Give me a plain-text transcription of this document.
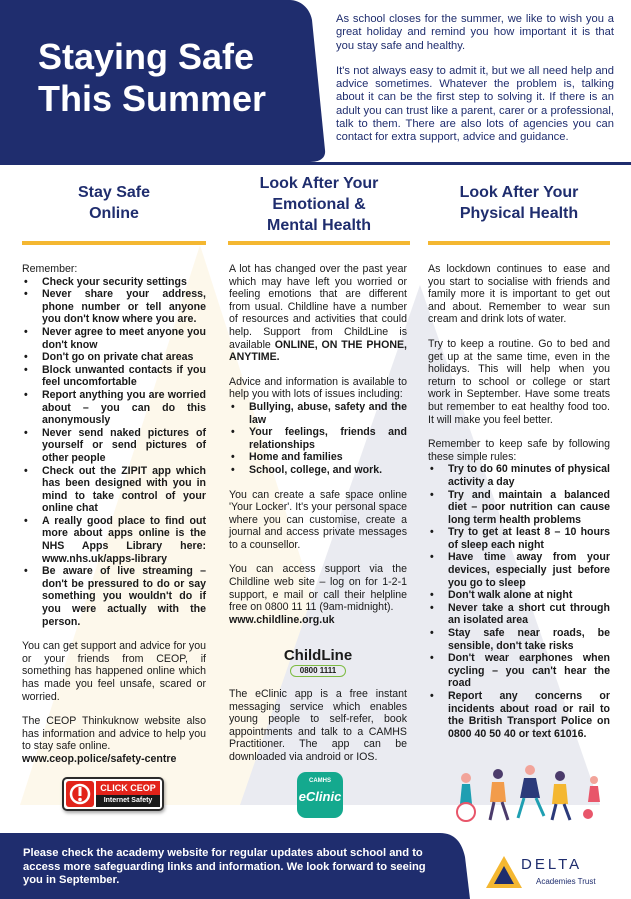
Staying Safe
This Summer

As school closes for the summer, we like to wish you a great holiday and remind you how important it is that you stay safe and healthy.

It's not always easy to admit it, but we all need help and advice sometimes. Whatever the problem is, talking about it can be the first step to solving it. If there is an adult you can trust like a parent, carer or a professional, talk to them. There are also lots of agencies you can contact for extra support, advice and guidance.

Stay Safe Online
Remember:
• Check your security settings
• Never share your address, phone number or tell anyone you don't know where you are.
• Never agree to meet anyone you don't know
• Don't go on private chat areas
• Block unwanted contacts if you feel uncomfortable
• Report anything you are worried about – you can do this anonymously
• Never send naked pictures of yourself or send pictures of other people
• Check out the ZIPIT app which has been designed with you in mind to take control of your online chat
• A really good place to find out more about apps online is the NHS Apps Library here: www.nhs.uk/apps-library
• Be aware of live streaming – don't be pressured to do or say something you wouldn't do if you were actually with the person.

You can get support and advice for you or your friends from CEOP, if something has happened online which has made you feel unsafe, scared or worried.

The CEOP Thinkuknow website also has information and advice to help you to stay safe online.

www.ceop.police/safety-centre
CLICK CEOP
Internet Safety
Look After Your
Emotional &
Mental Health

A lot has changed over the past year which may have left you worried or feeling emotions that are different from usual. Childline have a number of resources and activities that could help. Support from ChildLine is available ONLINE, ON THE PHONE, ANYTIME.

Advice and information is available to help you with lots of issues including:

• Bullying, abuse, safety and the law
• Your feelings, friends and relationships
• Home and families
• School, college, and work.

You can create a safe space online 'Your Locker'. It's your personal space where you can customise, create a journal and access private messages to a counsellor.

You can access support via the Childline web site – log on for 1-2-1 support, e mail or call their helpline free on 0800 11 11 (9am-midnight).

www.childline.org.uk
ChildLine
0800 1111

The eClinic app is a free instant messaging service which enables young people to self-refer, book appointments and talk to a CAMHS Practitioner. The app can be downloaded via android or IOS.

CAMHS
eClinic
Look After Your
Physical Health

As lockdown continues to ease and you start to socialise with friends and family more it is important to get out and about. Remember to wear sun cream and drink lots of water.

Try to keep a routine. Go to bed and get up at the same time, even in the holidays. This will help when you return to school or college or start work in September. Have some treats but remember to eat healthy food too. It will make you feel better.

Remember to keep safe by following these simple rules:

• Try to do 60 minutes of physical activity a day
• Try and maintain a balanced diet – poor nutrition can cause long term health problems
• Try to get at least 8 – 10 hours of sleep each night
• Have time away from your devices, especially just before you go to sleep
• Don't walk alone at night
• Never take a short cut through an isolated area
• Stay safe near roads, be sensible, don't take risks
• Don't wear earphones when cycling – you can't hear the road
• Report any concerns or incidents about road or rail to the British Transport Police on 0800 40 50 40 or text 61016.
Please check the academy website for regular updates about school and to access more safeguarding links and information. We look forward to seeing you in September.
DELTA
Academies Trust
